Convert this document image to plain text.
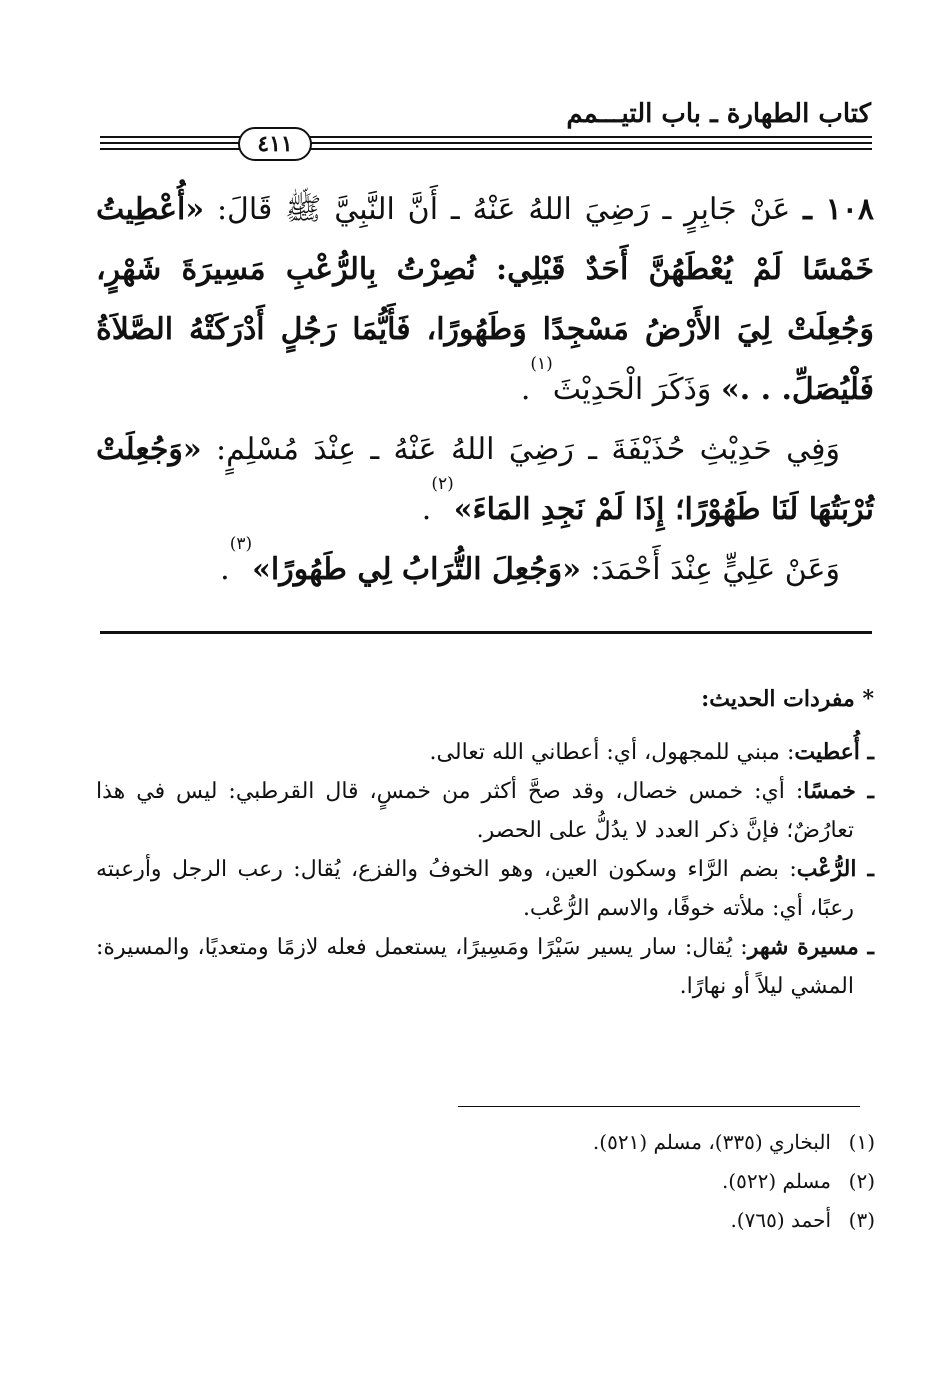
كتاب الطهارة ـ باب التيـــمم
٤١١

١٠٨ ـ عَنْ جَابِرٍ ـ رَضِيَ اللهُ عَنْهُ ـ أَنَّ النَّبِيَّ ﷺ قَالَ: «أُعْطِيتُ خَمْسًا لَمْ يُعْطَهُنَّ أَحَدٌ قَبْلِي: نُصِرْتُ بِالرُّعْبِ مَسِيرَةَ شَهْرٍ، وَجُعِلَتْ لِيَ الأَرْضُ مَسْجِدًا وَطَهُورًا، فَأَيُّمَا رَجُلٍ أَدْرَكَتْهُ الصَّلاَةُ فَلْيُصَلِّ. . .» وَذَكَرَ الْحَدِيْثَ$^{(١)}$.

وَفِي حَدِيْثِ حُذَيْفَةَ ـ رَضِيَ اللهُ عَنْهُ ـ عِنْدَ مُسْلِمٍ: «وَجُعِلَتْ تُرْبَتُهَا لَنَا طَهُوْرًا؛ إِذَا لَمْ نَجِدِ المَاءَ»$^{(٢)}$.

وَعَنْ عَلِيٍّ عِنْدَ أَحْمَدَ: «وَجُعِلَ التُّرَابُ لِي طَهُورًا»$^{(٣)}$.

* مفردات الحديث:

ـ أُعطيت: مبني للمجهول، أي: أعطاني الله تعالى.

ـ خمسًا: أي: خمس خصال، وقد صحَّ أكثر من خمسٍ، قال القرطبي: ليس في هذا تعارُضٌ؛ فإنَّ ذكر العدد لا يدُلُّ على الحصر.

ـ الرُّعْب: بضم الرَّاء وسكون العين، وهو الخوفُ والفزع، يُقال: رعب الرجل وأرعبته رعبًا، أي: ملأته خوفًا، والاسم الرُّعْب.

ـ مسيرة شهر: يُقال: سار يسير سَيْرًا ومَسِيرًا، يستعمل فعله لازمًا ومتعديًا، والمسيرة: المشي ليلاً أو نهارًا.

(١)البخاري (٣٣٥)، مسلم (٥٢١).

(٢)مسلم (٥٢٢).

(٣)أحمد (٧٦٥).
